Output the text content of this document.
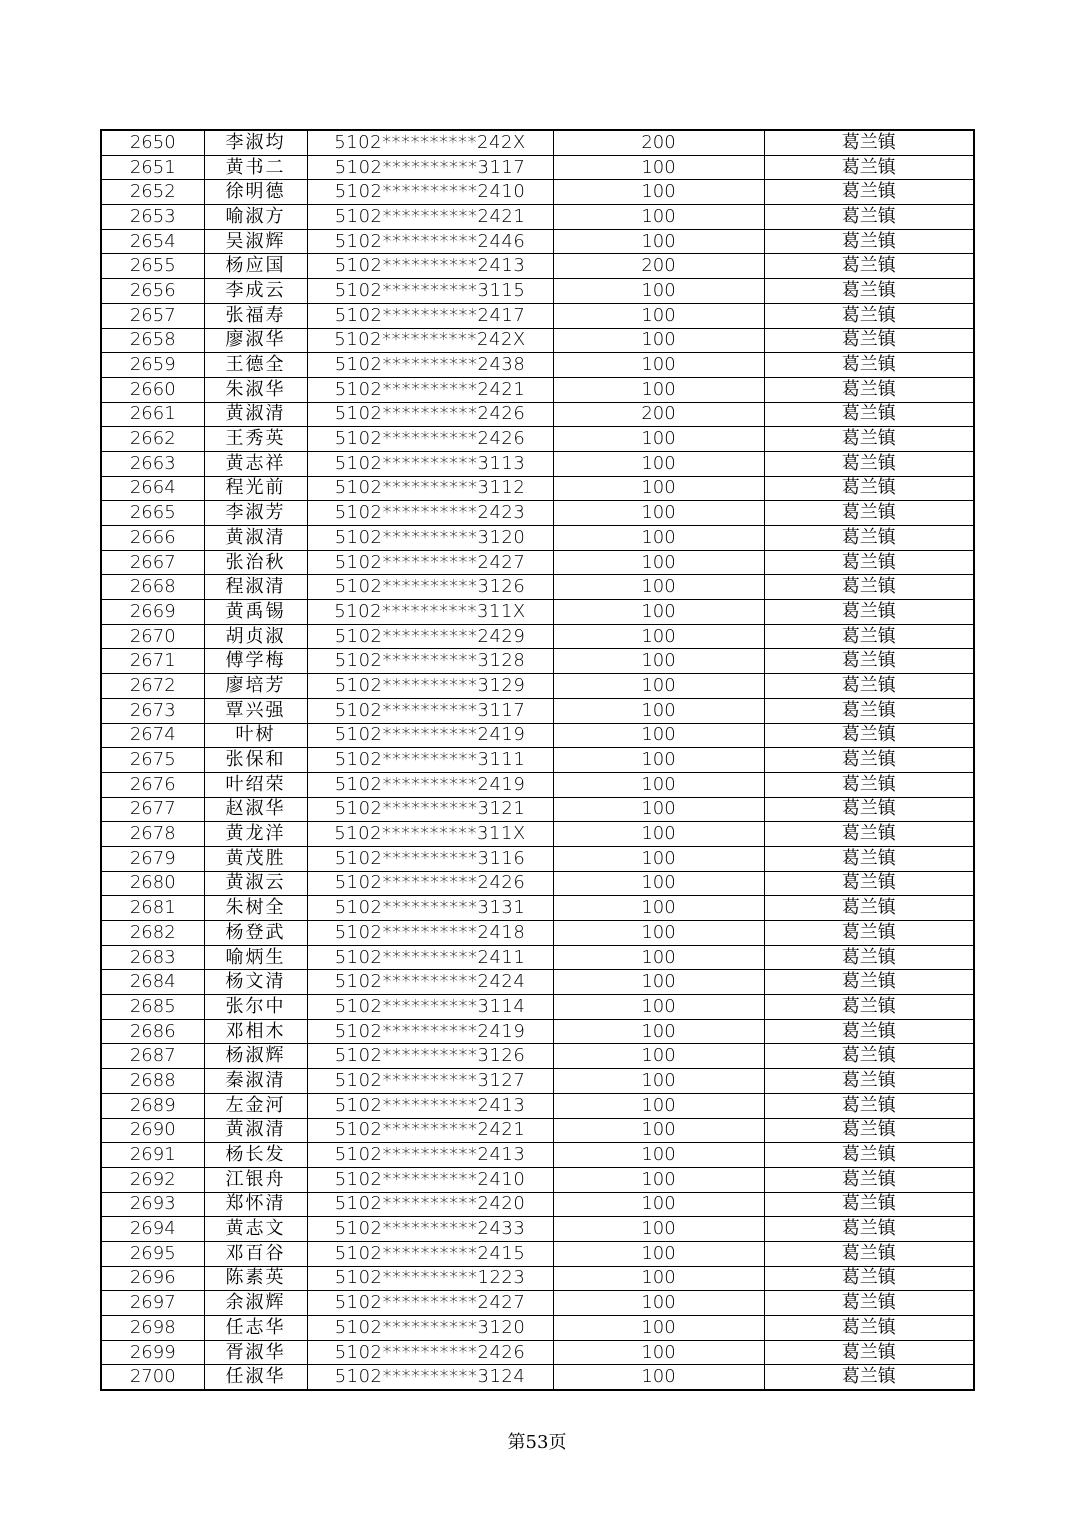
2650	李淑均	5102**********242X	200	葛兰镇
2651	黄书二	5102**********3117	100	葛兰镇
2652	徐明德	5102**********2410	100	葛兰镇
2653	喻淑方	5102**********2421	100	葛兰镇
2654	吴淑辉	5102**********2446	100	葛兰镇
2655	杨应国	5102**********2413	200	葛兰镇
2656	李成云	5102**********3115	100	葛兰镇
2657	张福寿	5102**********2417	100	葛兰镇
2658	廖淑华	5102**********242X	100	葛兰镇
2659	王德全	5102**********2438	100	葛兰镇
2660	朱淑华	5102**********2421	100	葛兰镇
2661	黄淑清	5102**********2426	200	葛兰镇
2662	王秀英	5102**********2426	100	葛兰镇
2663	黄志祥	5102**********3113	100	葛兰镇
2664	程光前	5102**********3112	100	葛兰镇
2665	李淑芳	5102**********2423	100	葛兰镇
2666	黄淑清	5102**********3120	100	葛兰镇
2667	张治秋	5102**********2427	100	葛兰镇
2668	程淑清	5102**********3126	100	葛兰镇
2669	黄禹锡	5102**********311X	100	葛兰镇
2670	胡贞淑	5102**********2429	100	葛兰镇
2671	傅学梅	5102**********3128	100	葛兰镇
2672	廖培芳	5102**********3129	100	葛兰镇
2673	覃兴强	5102**********3117	100	葛兰镇
2674	叶树	5102**********2419	100	葛兰镇
2675	张保和	5102**********3111	100	葛兰镇
2676	叶绍荣	5102**********2419	100	葛兰镇
2677	赵淑华	5102**********3121	100	葛兰镇
2678	黄龙洋	5102**********311X	100	葛兰镇
2679	黄茂胜	5102**********3116	100	葛兰镇
2680	黄淑云	5102**********2426	100	葛兰镇
2681	朱树全	5102**********3131	100	葛兰镇
2682	杨登武	5102**********2418	100	葛兰镇
2683	喻炳生	5102**********2411	100	葛兰镇
2684	杨文清	5102**********2424	100	葛兰镇
2685	张尔中	5102**********3114	100	葛兰镇
2686	邓相木	5102**********2419	100	葛兰镇
2687	杨淑辉	5102**********3126	100	葛兰镇
2688	秦淑清	5102**********3127	100	葛兰镇
2689	左金河	5102**********2413	100	葛兰镇
2690	黄淑清	5102**********2421	100	葛兰镇
2691	杨长发	5102**********2413	100	葛兰镇
2692	江银舟	5102**********2410	100	葛兰镇
2693	郑怀清	5102**********2420	100	葛兰镇
2694	黄志文	5102**********2433	100	葛兰镇
2695	邓百谷	5102**********2415	100	葛兰镇
2696	陈素英	5102**********1223	100	葛兰镇
2697	余淑辉	5102**********2427	100	葛兰镇
2698	任志华	5102**********3120	100	葛兰镇
2699	胥淑华	5102**********2426	100	葛兰镇
2700	任淑华	5102**********3124	100	葛兰镇
第53页
